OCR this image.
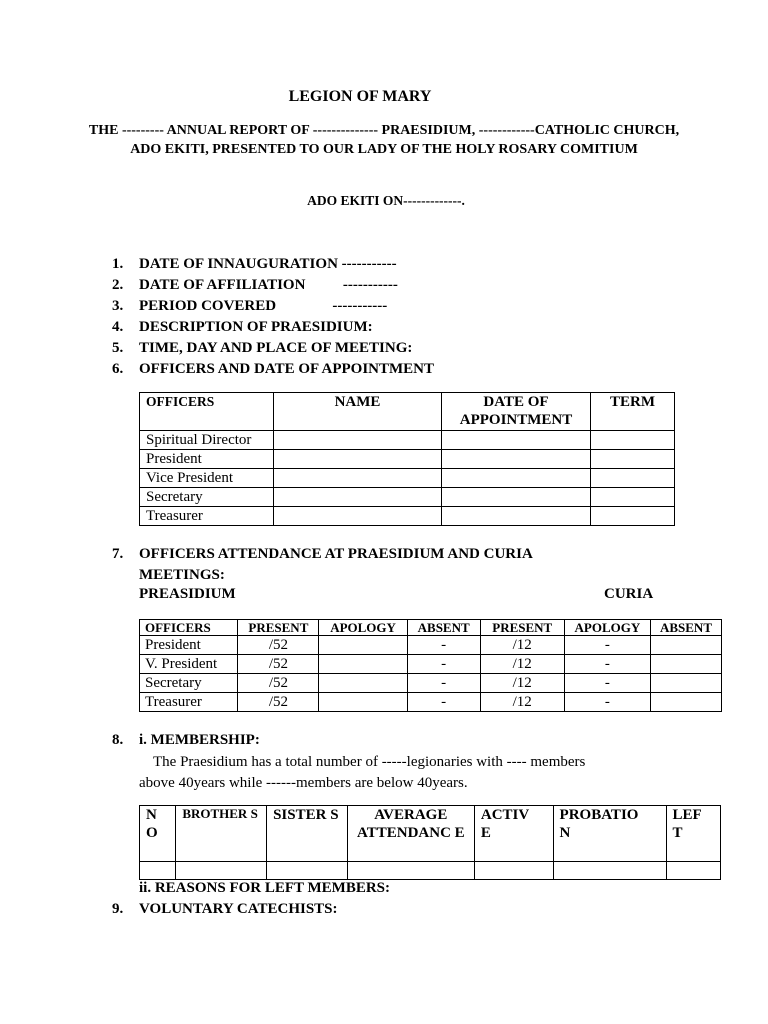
LEGION OF MARY
THE --------- ANNUAL REPORT OF -------------- PRAESIDIUM, ------------CATHOLIC CHURCH, ADO EKITI, PRESENTED TO OUR LADY OF THE HOLY ROSARY COMITIUM
ADO EKITI ON-------------.
1.	DATE OF INNAUGURATION -----------
2.	DATE OF AFFILIATION          -----------
3.	PERIOD COVERED               -----------
4.	DESCRIPTION OF PRAESIDIUM:
5.	TIME, DAY AND PLACE OF MEETING:
6.	OFFICERS AND DATE OF APPOINTMENT
OFFICERS	NAME	DATE OF APPOINTMENT	TERM
Spiritual Director			
President			
Vice President			
Secretary			
Treasurer			
7.	OFFICERS ATTENDANCE AT PRAESIDIUM AND CURIA
MEETINGS:
PREASIDIUM	CURIA
OFFICERS	PRESENT	APOLOGY	ABSENT	PRESENT	APOLOGY	ABSENT
President	/52		-	/12	-	
V. President	/52		-	/12	-	
Secretary	/52		-	/12	-	
Treasurer	/52		-	/12	-	
8.	i. MEMBERSHIP:
The Praesidium has a total number of -----legionaries with ---- members
above 40years while ------members are below 40years.
N O	BROTHER S	SISTER S	AVERAGE ATTENDANC E	ACTIV E	PROBATIO N	LEF T

ii. REASONS FOR LEFT MEMBERS:
9.	VOLUNTARY CATECHISTS:
